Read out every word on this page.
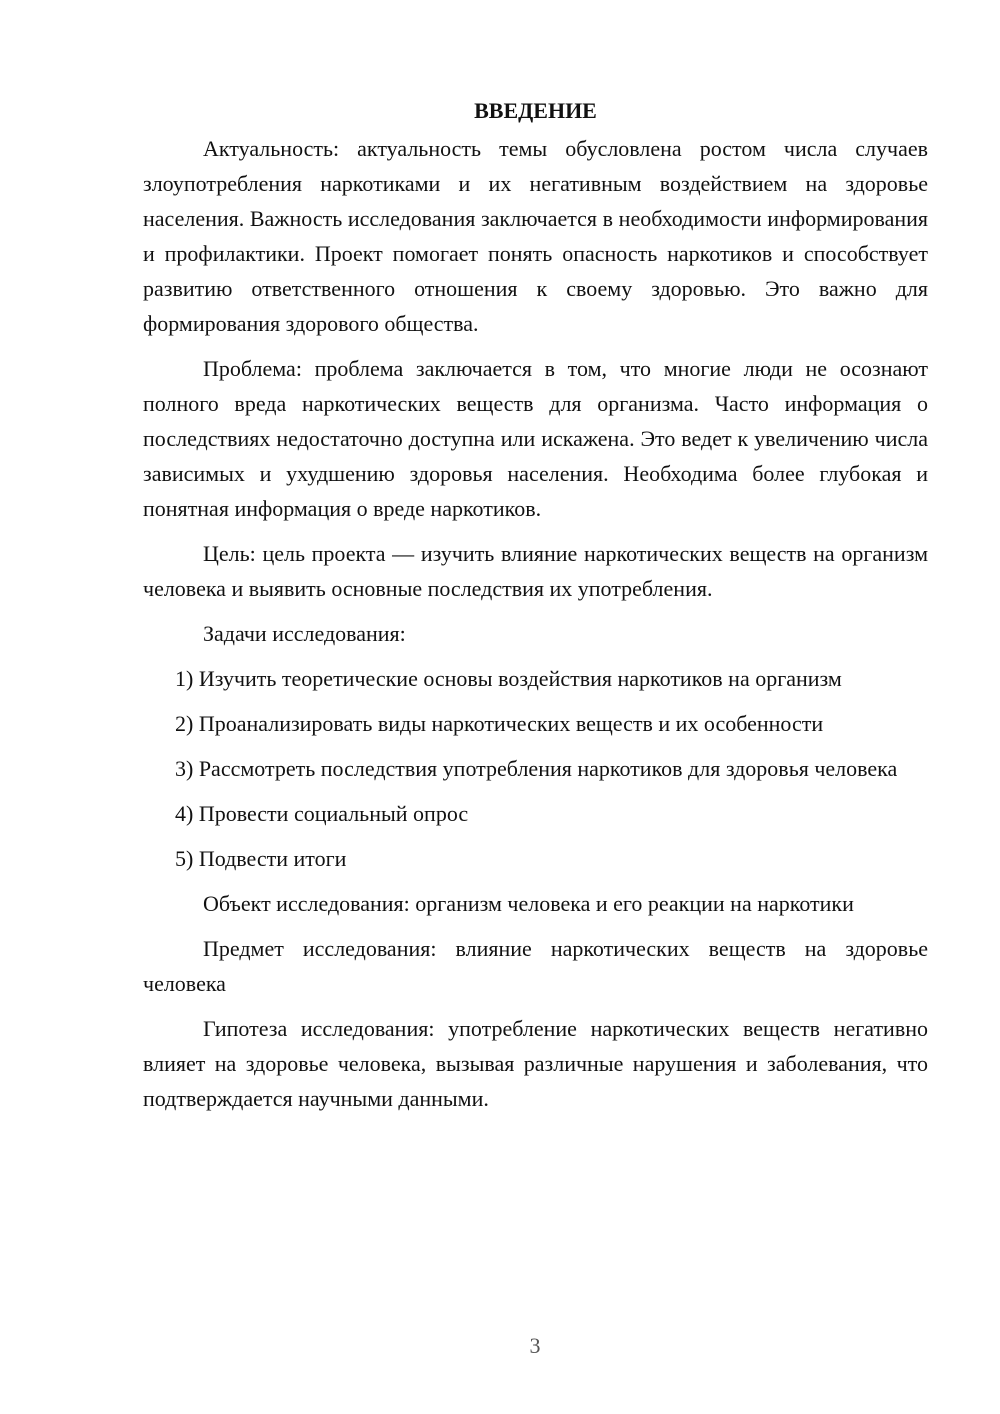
ВВЕДЕНИЕ

Актуальность: актуальность темы обусловлена ростом числа случаев злоупотребления наркотиками и их негативным воздействием на здоровье населения. Важность исследования заключается в необходимости информирования и профилактики. Проект помогает понять опасность наркотиков и способствует развитию ответственного отношения к своему здоровью. Это важно для формирования здорового общества.

Проблема: проблема заключается в том, что многие люди не осознают полного вреда наркотических веществ для организма. Часто информация о последствиях недостаточно доступна или искажена. Это ведет к увеличению числа зависимых и ухудшению здоровья населения. Необходима более глубокая и понятная информация о вреде наркотиков.

Цель: цель проекта — изучить влияние наркотических веществ на организм человека и выявить основные последствия их употребления.

Задачи исследования:

1) Изучить теоретические основы воздействия наркотиков на организм

2) Проанализировать виды наркотических веществ и их особенности

3) Рассмотреть последствия употребления наркотиков для здоровья человека

4) Провести социальный опрос

5) Подвести итоги

Объект исследования: организм человека и его реакции на наркотики

Предмет исследования: влияние наркотических веществ на здоровье человека

Гипотеза исследования: употребление наркотических веществ негативно влияет на здоровье человека, вызывая различные нарушения и заболевания, что подтверждается научными данными.

3
